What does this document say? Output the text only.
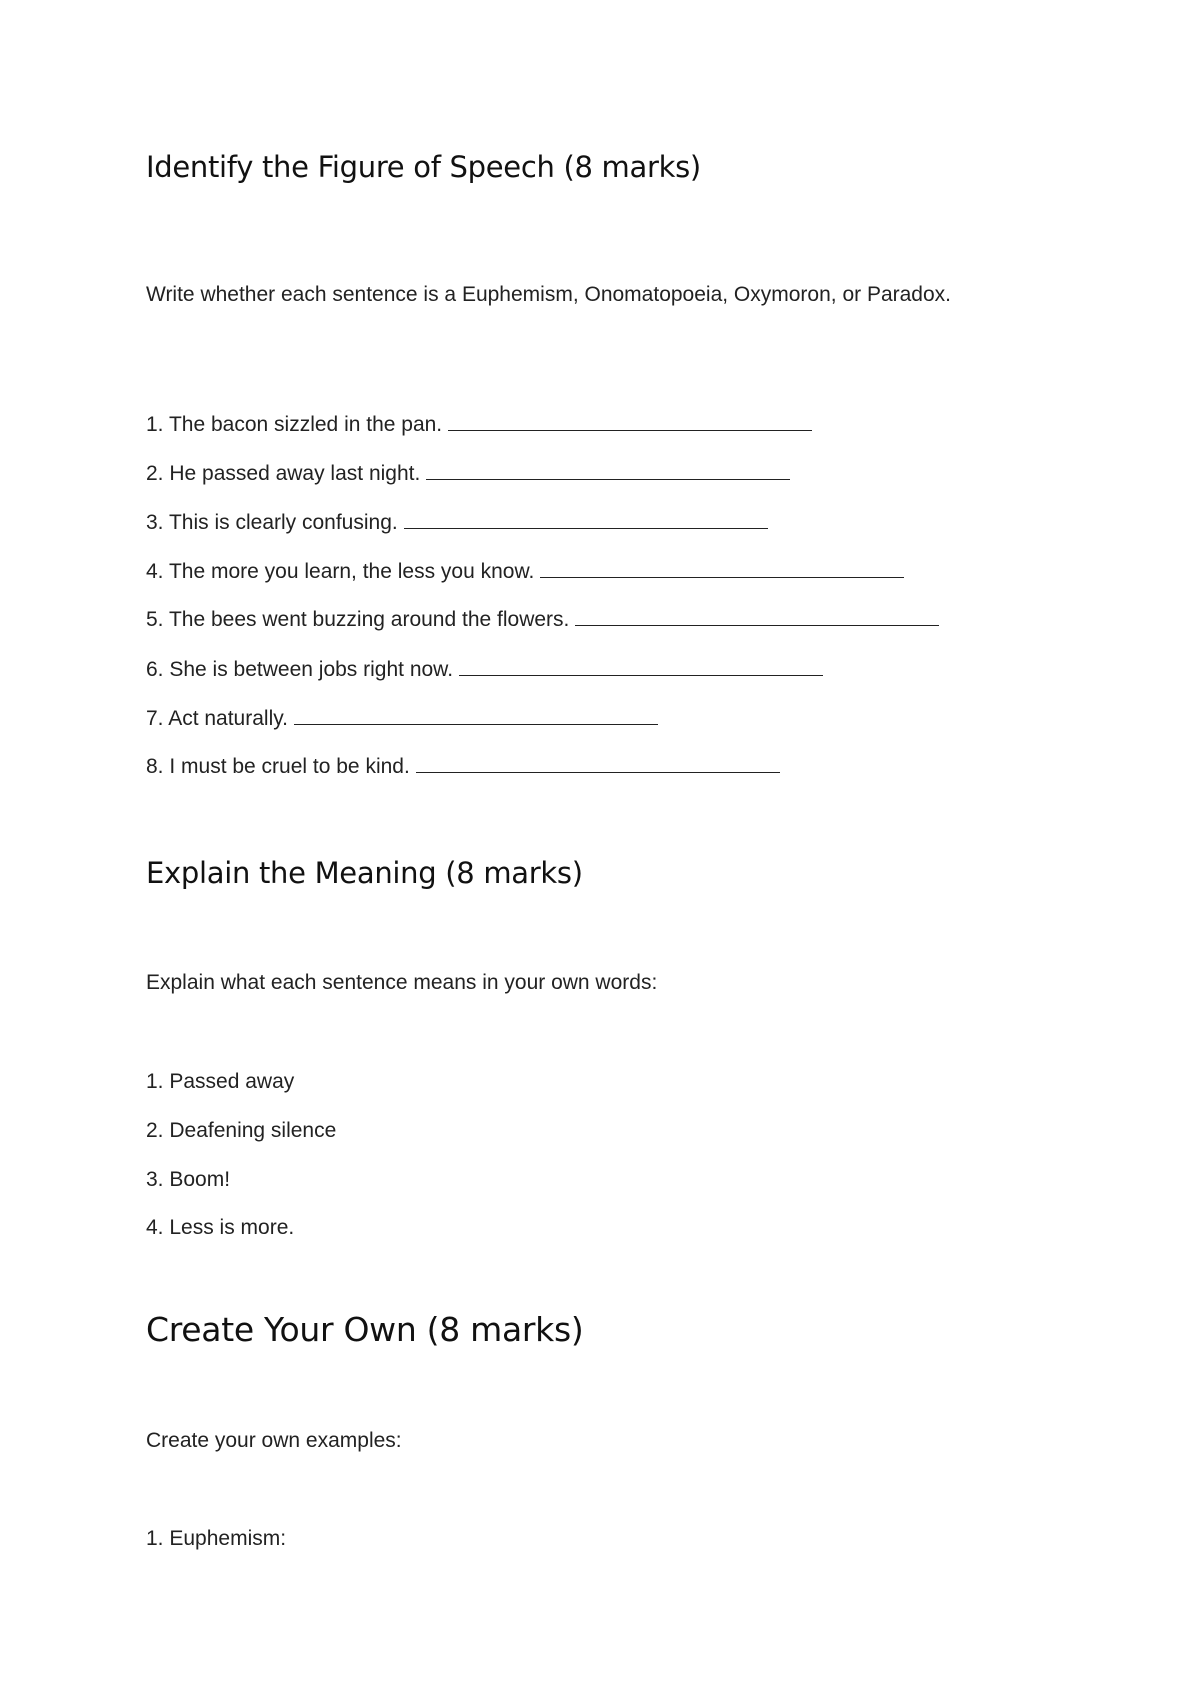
Identify the Figure of Speech (8 marks)

Write whether each sentence is a Euphemism, Onomatopoeia, Oxymoron, or Paradox.

1. The bacon sizzled in the pan.
2. He passed away last night.
3. This is clearly confusing.
4. The more you learn, the less you know.
5. The bees went buzzing around the flowers.
6. She is between jobs right now.
7. Act naturally.
8. I must be cruel to be kind.
Explain the Meaning (8 marks)

Explain what each sentence means in your own words:

1. Passed away
2. Deafening silence
3. Boom!
4. Less is more.
Create Your Own (8 marks)

Create your own examples:

1. Euphemism:
